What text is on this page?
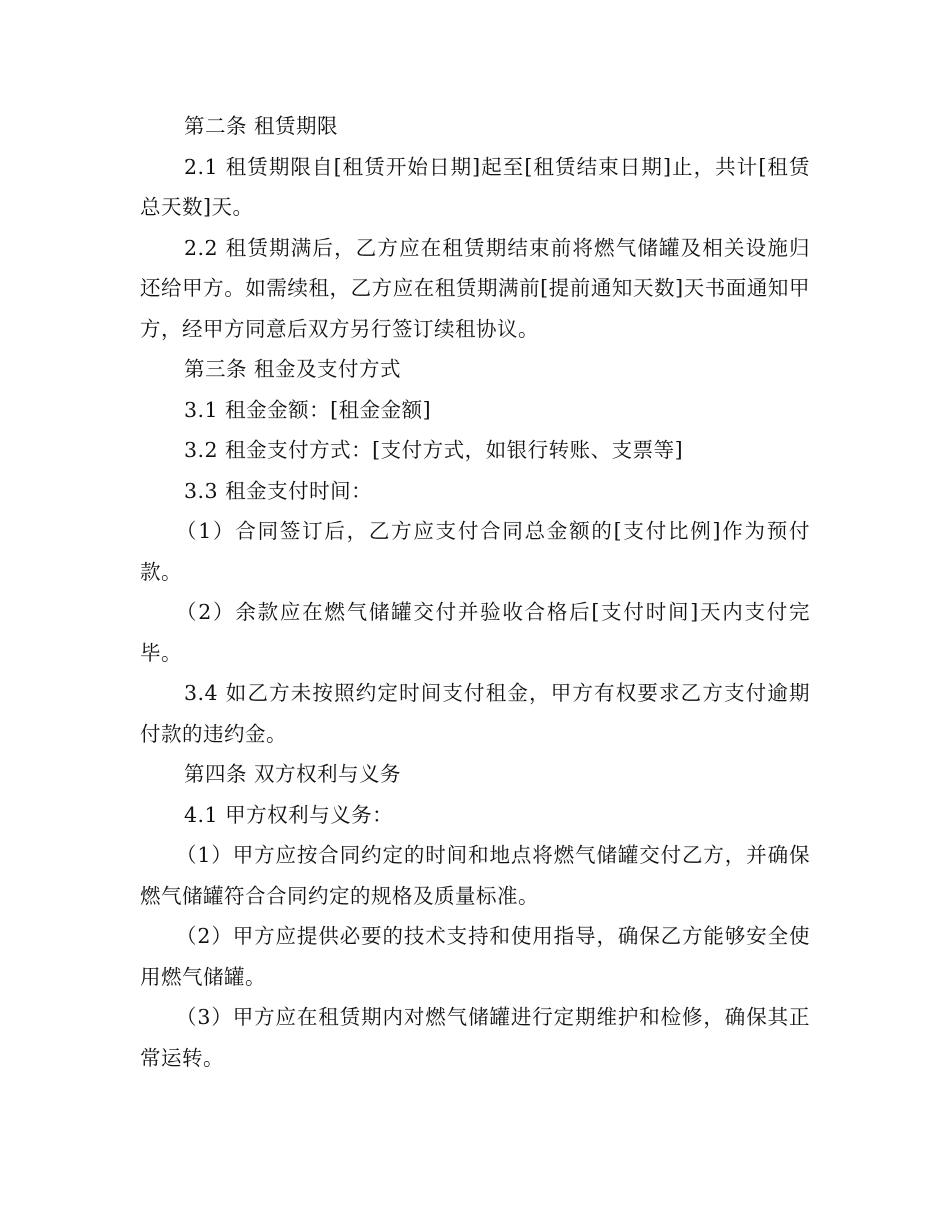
第二条 租赁期限

2.1 租赁期限自[租赁开始日期]起至[租赁结束日期]止，共计[租赁总天数]天。

2.2 租赁期满后，乙方应在租赁期结束前将燃气储罐及相关设施归还给甲方。如需续租，乙方应在租赁期满前[提前通知天数]天书面通知甲方，经甲方同意后双方另行签订续租协议。

第三条 租金及支付方式

3.1 租金金额：[租金金额]

3.2 租金支付方式：[支付方式，如银行转账、支票等]

3.3 租金支付时间：

（1）合同签订后，乙方应支付合同总金额的[支付比例]作为预付款。

（2）余款应在燃气储罐交付并验收合格后[支付时间]天内支付完毕。

3.4 如乙方未按照约定时间支付租金，甲方有权要求乙方支付逾期付款的违约金。

第四条 双方权利与义务

4.1 甲方权利与义务：

（1）甲方应按合同约定的时间和地点将燃气储罐交付乙方，并确保燃气储罐符合合同约定的规格及质量标准。

（2）甲方应提供必要的技术支持和使用指导，确保乙方能够安全使用燃气储罐。

（3）甲方应在租赁期内对燃气储罐进行定期维护和检修，确保其正常运转。
